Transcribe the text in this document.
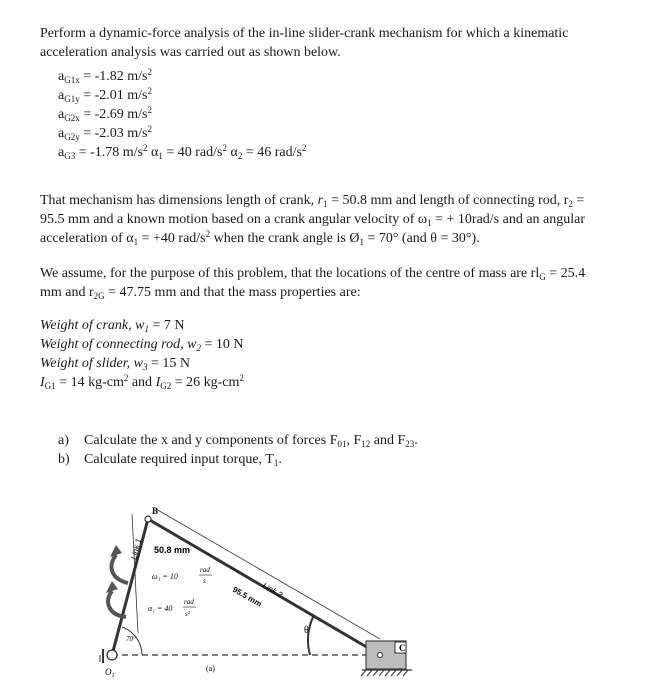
Perform a dynamic-force analysis of the in-line slider-crank mechanism for which a kinematic
acceleration analysis was carried out as shown below.
$a_{G1x} = -1.82$ $m/s^2$
$a_{G1y} = -2.01$ $m/s^2$
$a_{G2x} = -2.69$ $m/s^2$
$a_{G2y} = -2.03$ $m/s^2$
$a_{G3} = -1.78$ $m/s^2$ $\alpha_1 = 40$ rad/$s^2$ $\alpha_2 = 46$ rad/$s^2$
That mechanism has dimensions length of crank, $r_1 = 50.8$ mm and length of connecting rod, $r_2$ =
95.5 mm and a known motion based on a crank angular velocity of $\omega_1$ = + 10rad/s and an angular
acceleration of $\alpha_1 = +40$ rad/$s^2$ when the crank angle is $Ø_1 = 70^\circ$ (and θ = 30°).
We assume, for the purpose of this problem, that the locations of the centre of mass are $rl_G = 25.4$
mm and $r_{2G} = 47.75$ mm and that the mass properties are:
Weight of crank, $w_1 = 7$ N
Weight of connecting rod, $w_2 = 10$ N
Weight of slider, $w_3 = 15$ N
$I_{G1} = 14$ $kg-cm^2$ and $I_{G2} = 26$ $kg-cm^2$
a) Calculate the x and y components of forces $F_{01}$, $F_{12}$ and $F_{23}$.
b) Calculate required input torque, $T_1$.
B
C
Link 1
Link 2
50.8 mm
95.5 mm
ω₁ = 10
rad
s
α₁ = 40
rad
s²
70°
θ
$O_1$
(a)
